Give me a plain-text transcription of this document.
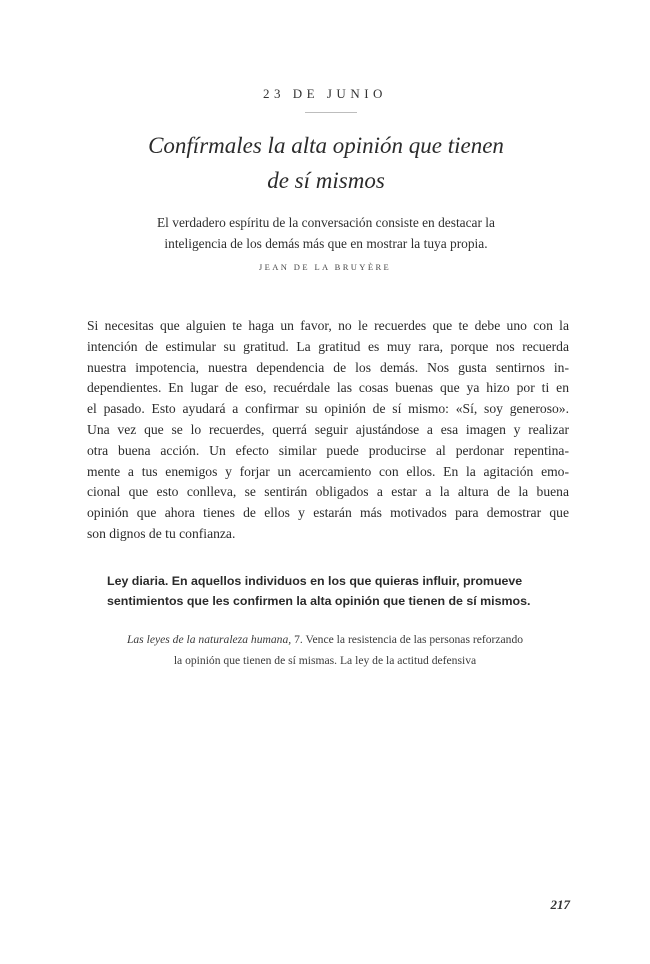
23 DE JUNIO
Confírmales la alta opinión que tienen
de sí mismos
El verdadero espíritu de la conversación consiste en destacar la
inteligencia de los demás más que en mostrar la tuya propia.
JEAN DE LA BRUYÈRE
Si necesitas que alguien te haga un favor, no le recuerdes que te debe uno con la
intención de estimular su gratitud. La gratitud es muy rara, porque nos recuerda
nuestra impotencia, nuestra dependencia de los demás. Nos gusta sentirnos in-
dependientes. En lugar de eso, recuérdale las cosas buenas que ya hizo por ti en
el pasado. Esto ayudará a confirmar su opinión de sí mismo: «Sí, soy generoso».
Una vez que se lo recuerdes, querrá seguir ajustándose a esa imagen y realizar
otra buena acción. Un efecto similar puede producirse al perdonar repentina-
mente a tus enemigos y forjar un acercamiento con ellos. En la agitación emo-
cional que esto conlleva, se sentirán obligados a estar a la altura de la buena
opinión que ahora tienes de ellos y estarán más motivados para demostrar que
son dignos de tu confianza.
Ley diaria. En aquellos individuos en los que quieras influir, promueve
sentimientos que les confirmen la alta opinión que tienen de sí mismos.
Las leyes de la naturaleza humana, 7. Vence la resistencia de las personas reforzando
la opinión que tienen de sí mismas. La ley de la actitud defensiva
217
